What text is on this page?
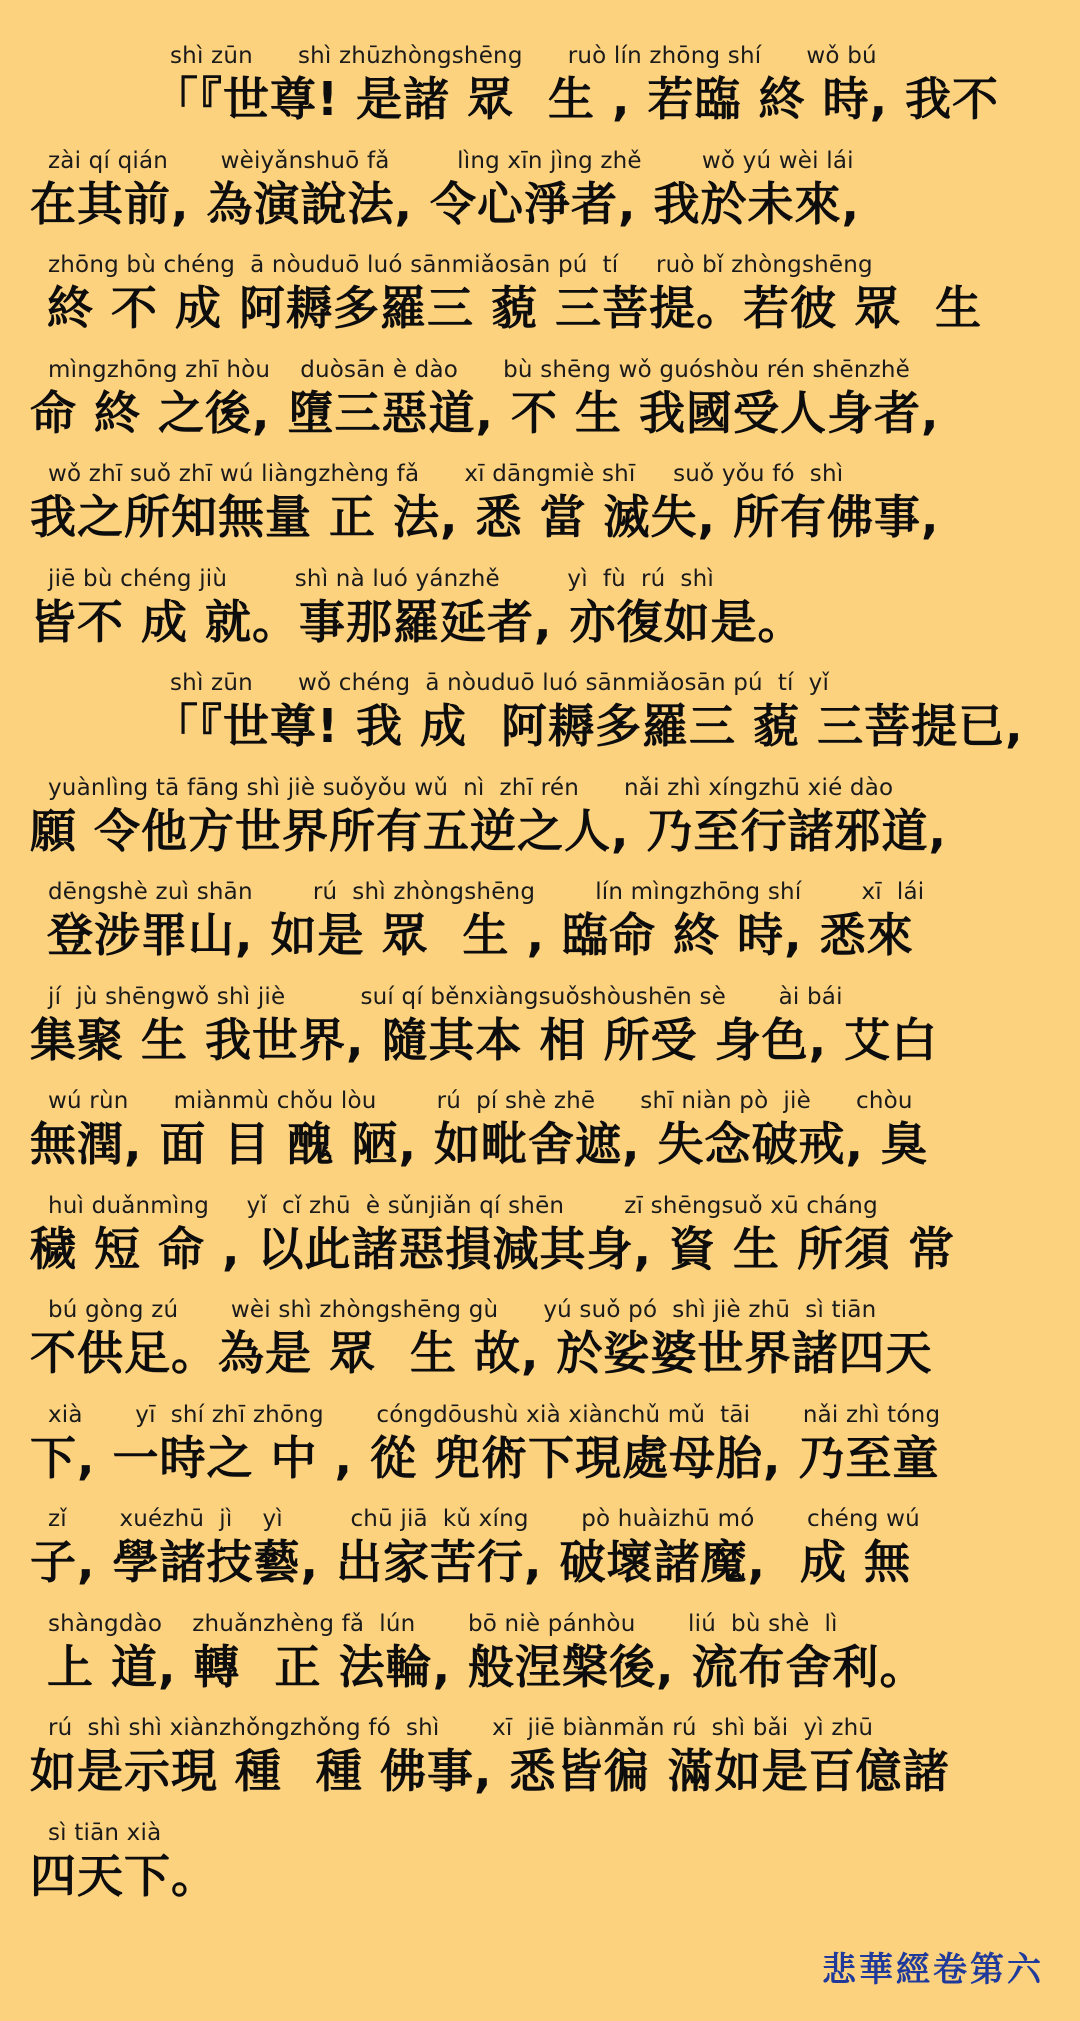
shì zūn      shì zhūzhòngshēng      ruò lín zhōng shí      wǒ bú
「『世尊! 是諸 眾  生 , 若臨 終 時, 我不
zài qí qián       wèiyǎnshuō fǎ         lìng xīn jìng zhě        wǒ yú wèi lái
在其前, 為演說法, 令心淨者, 我於未來,
zhōng bù chéng  ā nòuduō luó sānmiǎosān pú  tí     ruò bǐ zhòngshēng
終 不 成 阿耨多羅三 藐 三菩提。若彼 眾  生
mìngzhōng zhī hòu    duòsān è dào      bù shēng wǒ guóshòu rén shēnzhě
命 終 之後, 墮三惡道, 不 生 我國受人身者,
wǒ zhī suǒ zhī wú liàngzhèng fǎ      xī dāngmiè shī     suǒ yǒu fó  shì
我之所知無量 正 法, 悉 當 滅失, 所有佛事,
jiē bù chéng jiù         shì nà luó yánzhě         yì  fù  rú  shì
皆不 成 就。事那羅延者, 亦復如是。
shì zūn      wǒ chéng  ā nòuduō luó sānmiǎosān pú  tí  yǐ
「『世尊! 我 成  阿耨多羅三 藐 三菩提已,
yuànlìng tā fāng shì jiè suǒyǒu wǔ  nì  zhī rén      nǎi zhì xíngzhū xié dào
願 令他方世界所有五逆之人, 乃至行諸邪道,
dēngshè zuì shān        rú  shì zhòngshēng        lín mìngzhōng shí        xī  lái
登涉罪山, 如是 眾  生 , 臨命 終 時, 悉來
jí  jù shēngwǒ shì jiè          suí qí běnxiàngsuǒshòushēn sè       ài bái
集聚 生 我世界, 隨其本 相 所受 身色, 艾白
wú rùn      miànmù chǒu lòu        rú  pí shè zhē      shī niàn pò  jiè      chòu
無潤, 面 目 醜 陋, 如毗舍遮, 失念破戒, 臭
huì duǎnmìng     yǐ  cǐ zhū  è sǔnjiǎn qí shēn        zī shēngsuǒ xū cháng
穢 短 命 , 以此諸惡損減其身, 資 生 所須 常
bú gòng zú       wèi shì zhòngshēng gù      yú suǒ pó  shì jiè zhū  sì tiān
不供足。為是 眾  生 故, 於娑婆世界諸四天
xià       yī  shí zhī zhōng       cóngdōushù xià xiànchǔ mǔ  tāi       nǎi zhì tóng
下, 一時之 中 , 從 兜術下現處母胎, 乃至童
zǐ       xuézhū  jì    yì         chū jiā  kǔ xíng       pò huàizhū mó       chéng wú
子, 學諸技藝, 出家苦行, 破壞諸魔,  成 無
shàngdào    zhuǎnzhèng fǎ  lún       bō niè pánhòu       liú  bù shè  lì
上 道, 轉  正 法輪, 般涅槃後, 流布舍利。
rú  shì shì xiànzhǒngzhǒng fó  shì       xī  jiē biànmǎn rú  shì bǎi  yì zhū
如是示現 種  種 佛事, 悉皆徧 滿如是百億諸
sì tiān xià
四天下。
悲華經卷第六
